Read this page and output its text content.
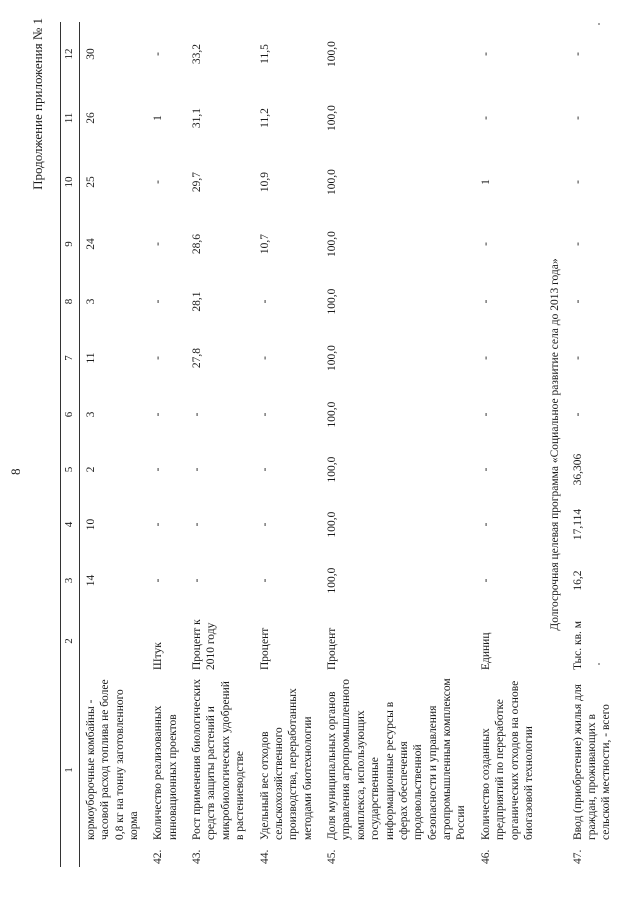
8
Продолжение приложения № 1
1		2	3	4	5	6	7	8	9	10	11	12
	кормоуборочные комбайны - часовой расход топлива не более 0,8 кг на тонну заготовленного корма		14	10	2	3	11	3	24	25	26	30
42.	Количество реализованных инновационных проектов	Штук	-	-	-	-	-	-	-	-	1	-
43.	Рост применения биологических средств защиты растений и микробиологических удобрений в растениеводстве	Процент к 2010 году	-	-	-	-	27,8	28,1	28,6	29,7	31,1	33,2
44.	Удельный вес отходов сельскохозяйственного производства, переработанных методами биотехнологии	Процент	-	-	-	-	-	-	10,7	10,9	11,2	11,5
45.	Доля муниципальных органов управления агропромышленного комплекса, использующих государственные информационные ресурсы в сферах обеспечения продовольственной безопасности и управления агропромышленным комплексом России	Процент	100,0	100,0	100,0	100,0	100,0	100,0	100,0	100,0	100,0	100,0
46.	Количество созданных предприятий по переработке органических отходов на основе биогазовой технологии	Единиц	-	-	-	-	-	-	-	1	-	-
Долгосрочная целевая программа «Социальное развитие села до 2013 года»												
47.	Ввод (приобретение) жилья для граждан, проживающих в сельской местности, - всего	Тыс. кв. м	16,2	17,114	36,306	-	-	-	-	-	-	-
